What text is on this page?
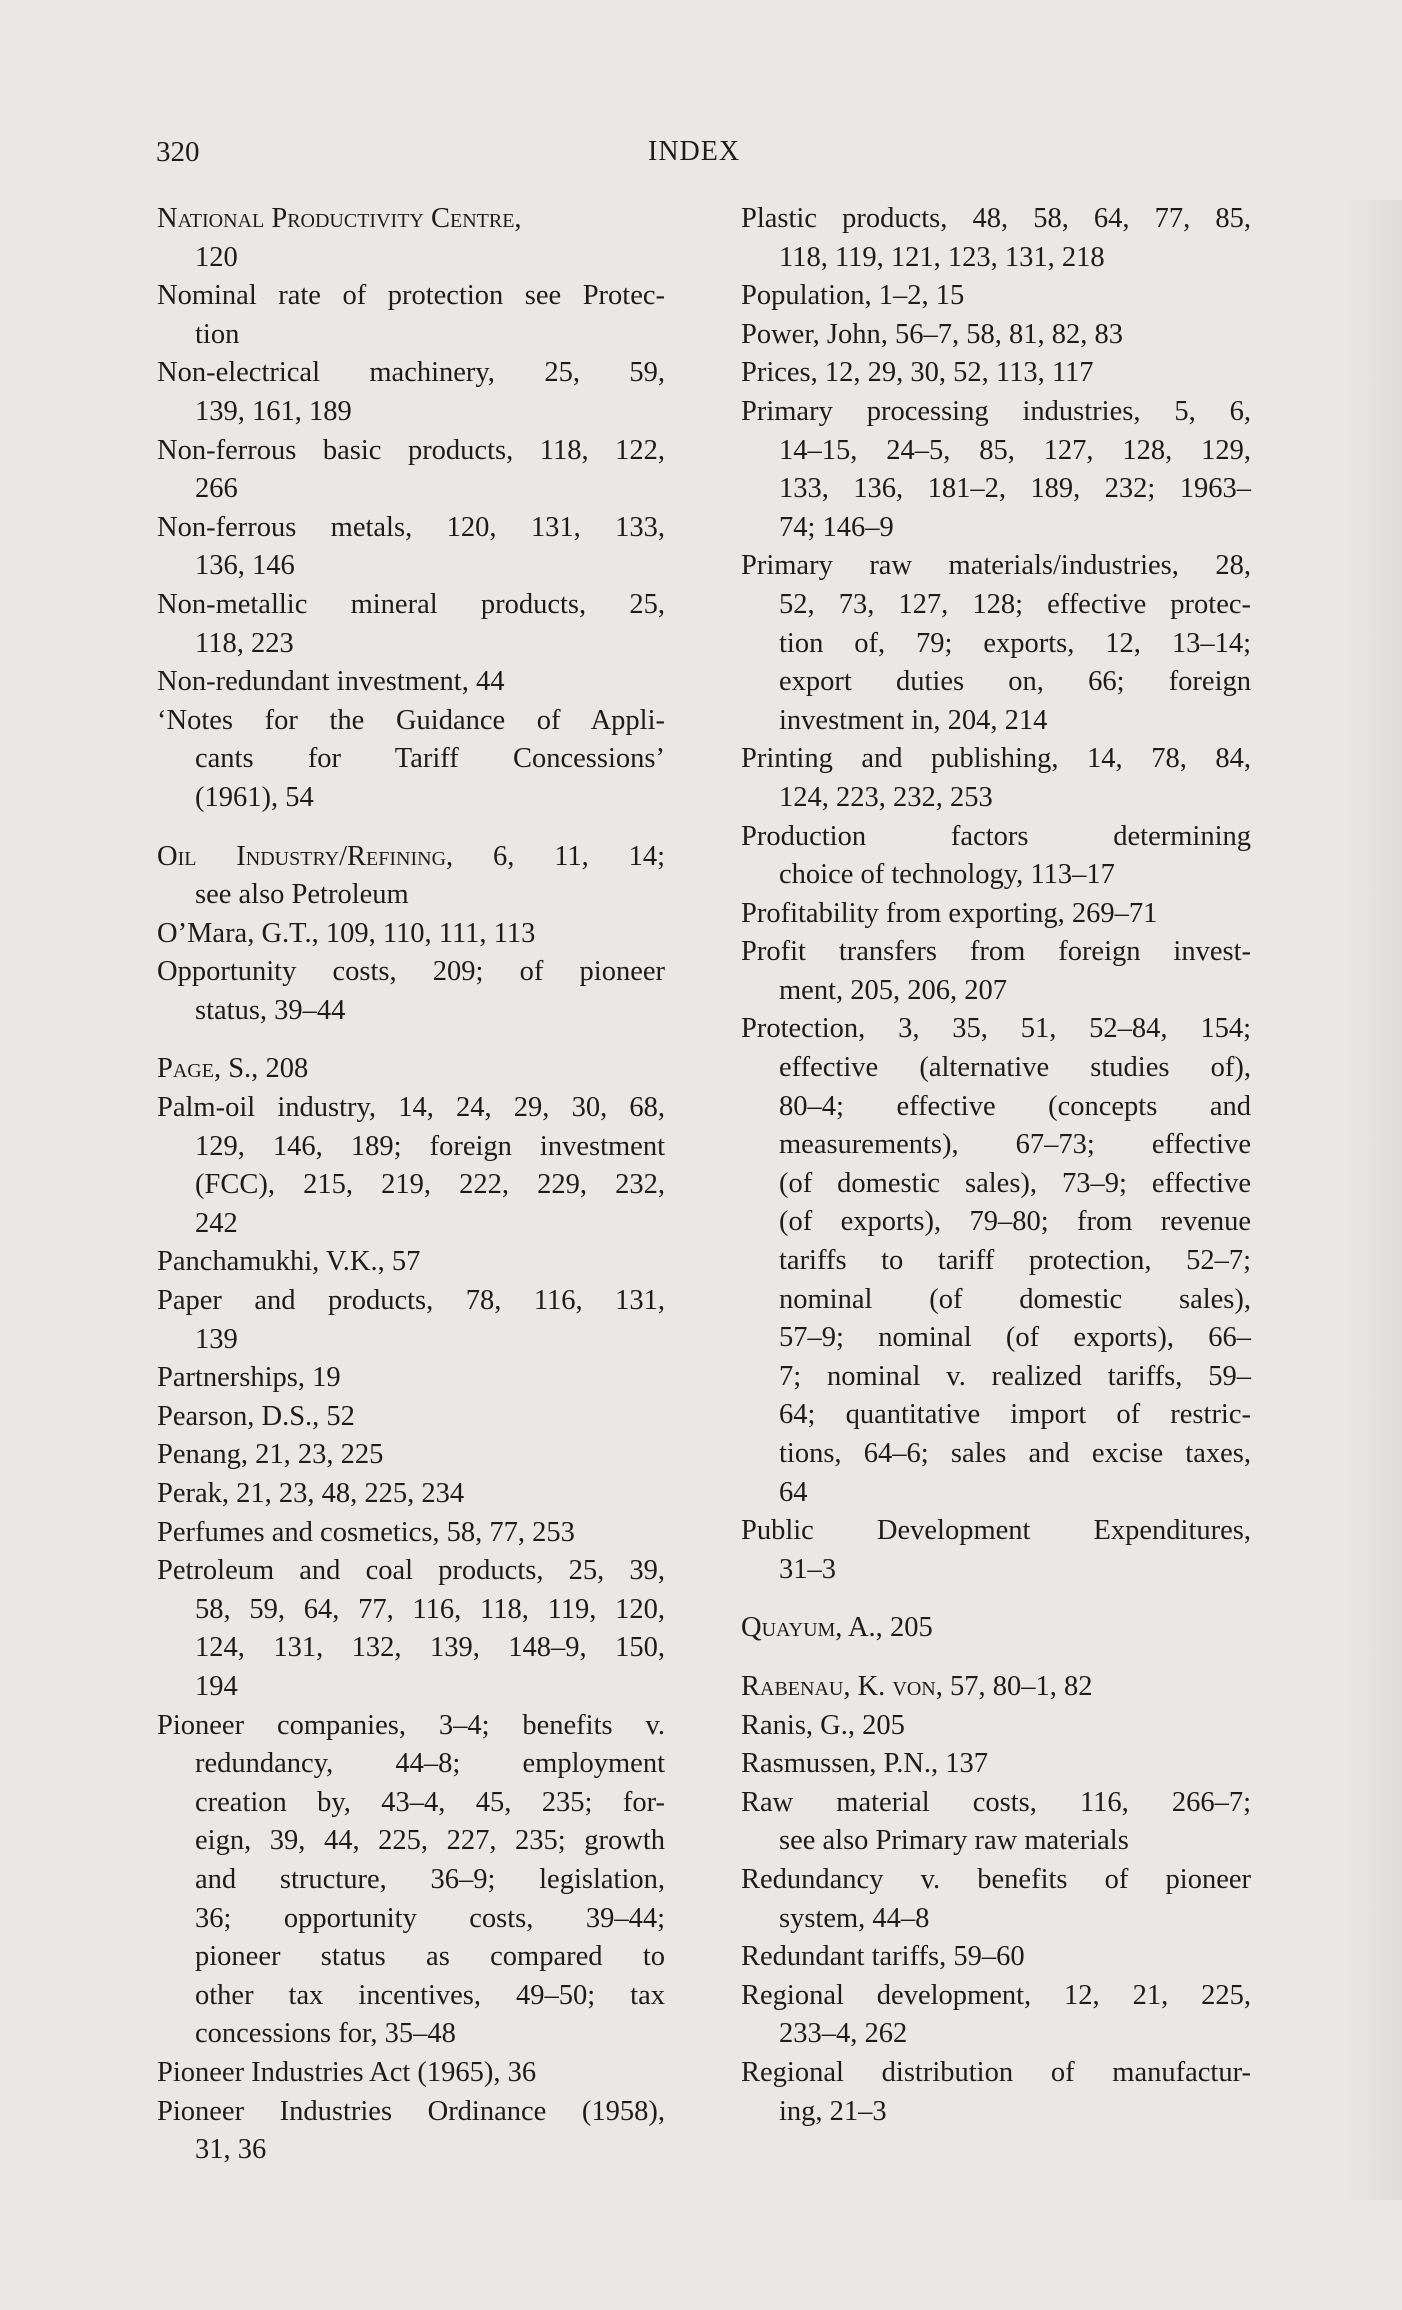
320	INDEX
National Productivity Centre,
120
Nominal rate of protection see Protec-
tion
Non-electrical machinery, 25, 59,
139, 161, 189
Non-ferrous basic products, 118, 122,
266
Non-ferrous metals, 120, 131, 133,
136, 146
Non-metallic mineral products, 25,
118, 223
Non-redundant investment, 44
‘Notes for the Guidance of Appli-
cants for Tariff Concessions’
(1961), 54
Oil Industry/Refining, 6, 11, 14;
see also Petroleum
O’Mara, G.T., 109, 110, 111, 113
Opportunity costs, 209; of pioneer
status, 39–44
Page, S., 208
Palm-oil industry, 14, 24, 29, 30, 68,
129, 146, 189; foreign investment
(FCC), 215, 219, 222, 229, 232,
242
Panchamukhi, V.K., 57
Paper and products, 78, 116, 131,
139
Partnerships, 19
Pearson, D.S., 52
Penang, 21, 23, 225
Perak, 21, 23, 48, 225, 234
Perfumes and cosmetics, 58, 77, 253
Petroleum and coal products, 25, 39,
58, 59, 64, 77, 116, 118, 119, 120,
124, 131, 132, 139, 148–9, 150,
194
Pioneer companies, 3–4; benefits v.
redundancy, 44–8; employment
creation by, 43–4, 45, 235; for-
eign, 39, 44, 225, 227, 235; growth
and structure, 36–9; legislation,
36; opportunity costs, 39–44;
pioneer status as compared to
other tax incentives, 49–50; tax
concessions for, 35–48
Pioneer Industries Act (1965), 36
Pioneer Industries Ordinance (1958),
31, 36
Plastic products, 48, 58, 64, 77, 85,
118, 119, 121, 123, 131, 218
Population, 1–2, 15
Power, John, 56–7, 58, 81, 82, 83
Prices, 12, 29, 30, 52, 113, 117
Primary processing industries, 5, 6,
14–15, 24–5, 85, 127, 128, 129,
133, 136, 181–2, 189, 232; 1963–
74; 146–9
Primary raw materials/industries, 28,
52, 73, 127, 128; effective protec-
tion of, 79; exports, 12, 13–14;
export duties on, 66; foreign
investment in, 204, 214
Printing and publishing, 14, 78, 84,
124, 223, 232, 253
Production factors determining
choice of technology, 113–17
Profitability from exporting, 269–71
Profit transfers from foreign invest-
ment, 205, 206, 207
Protection, 3, 35, 51, 52–84, 154;
effective (alternative studies of),
80–4; effective (concepts and
measurements), 67–73; effective
(of domestic sales), 73–9; effective
(of exports), 79–80; from revenue
tariffs to tariff protection, 52–7;
nominal (of domestic sales),
57–9; nominal (of exports), 66–
7; nominal v. realized tariffs, 59–
64; quantitative import of restric-
tions, 64–6; sales and excise taxes,
64
Public Development Expenditures,
31–3
Quayum, A., 205
Rabenau, K. von, 57, 80–1, 82
Ranis, G., 205
Rasmussen, P.N., 137
Raw material costs, 116, 266–7;
see also Primary raw materials
Redundancy v. benefits of pioneer
system, 44–8
Redundant tariffs, 59–60
Regional development, 12, 21, 225,
233–4, 262
Regional distribution of manufactur-
ing, 21–3
